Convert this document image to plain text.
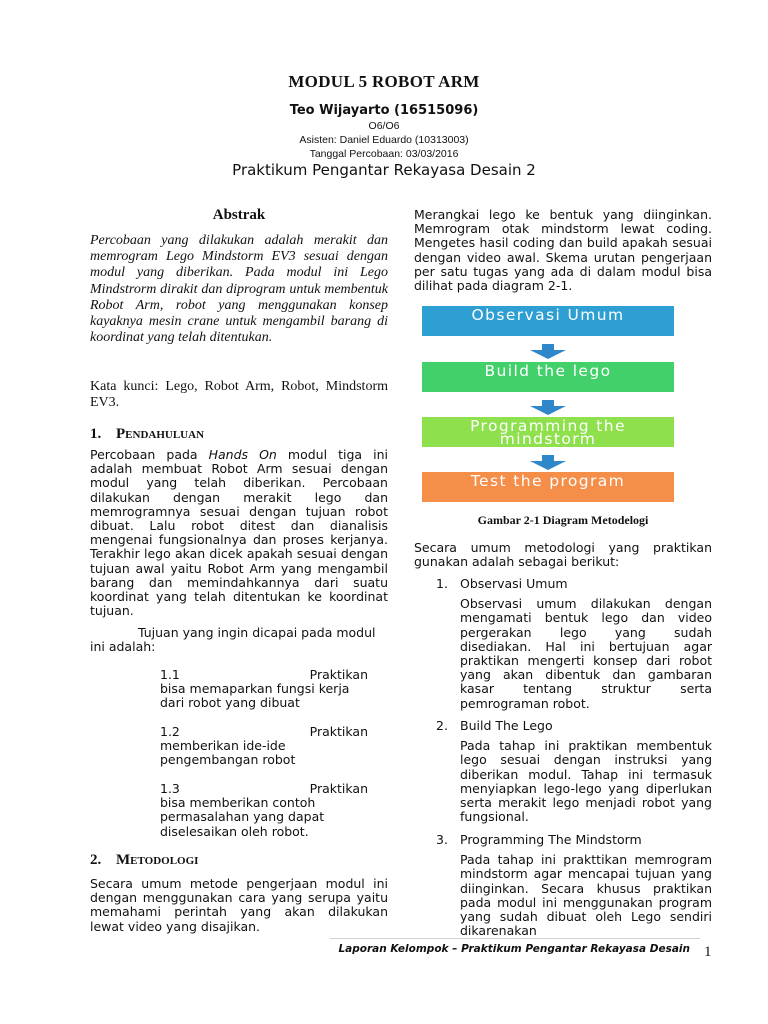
MODUL 5 ROBOT ARM
Teo Wijayarto (16515096)
O6/O6
Asisten: Daniel Eduardo (10313003)
Tanggal Percobaan: 03/03/2016
Praktikum Pengantar Rekayasa Desain 2
Abstrak
Percobaan yang dilakukan adalah merakit dan memrogram Lego Mindstorm EV3 sesuai dengan modul yang diberikan. Pada modul ini Lego Mindstrorm dirakit dan diprogram untuk membentuk Robot Arm, robot yang menggunakan konsep kayaknya mesin crane untuk mengambil barang di koordinat yang telah ditentukan.
Kata kunci: Lego, Robot Arm, Robot, Mindstorm EV3.
1. PENDAHULUAN

Percobaan pada Hands On modul tiga ini adalah membuat Robot Arm sesuai dengan modul yang telah diberikan. Percobaan dilakukan dengan merakit lego dan memrogramnya sesuai dengan tujuan robot dibuat. Lalu robot ditest dan dianalisis mengenai fungsionalnya dan proses kerjanya. Terakhir lego akan dicek apakah sesuai dengan tujuan awal yaitu Robot Arm yang mengambil barang dan memindahkannya dari suatu koordinat yang telah ditentukan ke koordinat tujuan.

Tujuan yang ingin dicapai pada modul ini adalah:

1.1	Praktikan
bisa memaparkan fungsi kerja dari robot yang dibuat
1.2	Praktikan
memberikan ide-ide pengembangan robot
1.3	Praktikan
bisa memberikan contoh permasalahan yang dapat diselesaikan oleh robot.
2. METODOLOGI

Secara umum metode pengerjaan modul ini dengan menggunakan cara yang serupa yaitu memahami perintah yang akan dilakukan lewat video yang disajikan.

Merangkai lego ke bentuk yang diinginkan. Memrogram otak mindstorm lewat coding. Mengetes hasil coding dan build apakah sesuai dengan video awal. Skema urutan pengerjaan per satu tugas yang ada di dalam modul bisa dilihat pada diagram 2-1.

Observasi Umum
Build the lego
Programming the mindstorm
Test the program
Gambar 2-1 Diagram Metodelogi

Secara umum metodologi yang praktikan gunakan adalah sebagai berikut:

1. Observasi Umum

Observasi umum dilakukan dengan mengamati bentuk lego dan video pergerakan lego yang sudah disediakan. Hal ini bertujuan agar praktikan mengerti konsep dari robot yang akan dibentuk dan gambaran kasar tentang struktur serta pemrograman robot.

2. Build The Lego

Pada tahap ini praktikan membentuk lego sesuai dengan instruksi yang diberikan modul. Tahap ini termasuk menyiapkan lego-lego yang diperlukan serta merakit lego menjadi robot yang fungsional.

3. Programming The Mindstorm

Pada tahap ini prakttikan memrogram mindstorm agar mencapai tujuan yang diinginkan. Secara khusus praktikan pada modul ini menggunakan program yang sudah dibuat oleh Lego sendiri dikarenakan

Laporan Kelompok – Praktikum Pengantar Rekayasa Desain 1
